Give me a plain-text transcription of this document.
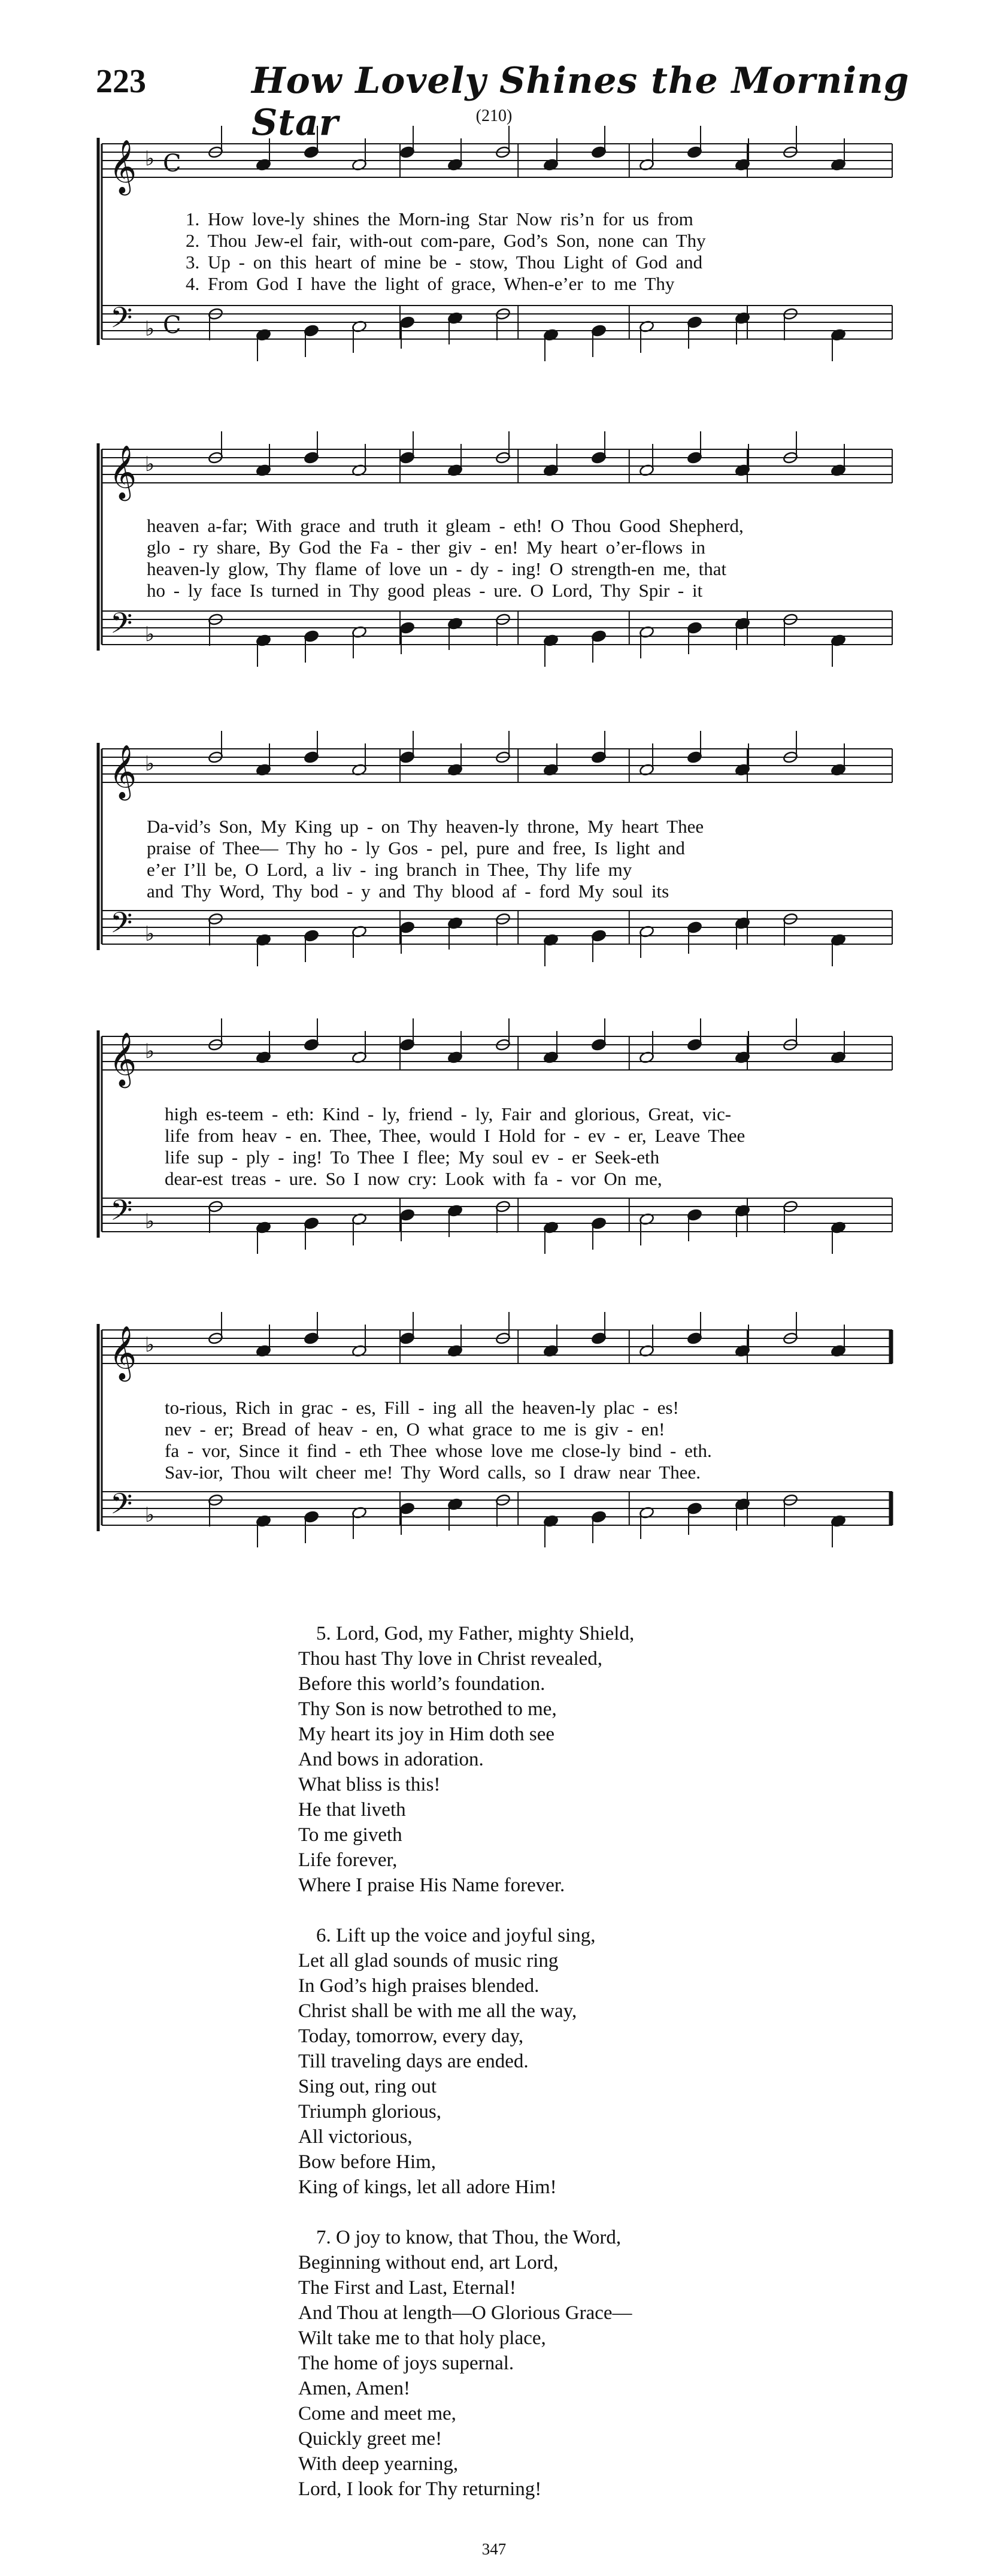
223	How Lovely Shines the Morning Star	(210)
𝄞
𝄢
♭
♭
C
C
1. How love-ly shines the Morn-ing Star Now ris’n for us from
2. Thou Jew-el fair, with-out com-pare, God’s Son, none can Thy
3. Up - on this heart of mine be - stow, Thou Light of God and
4. From God I have the light of grace, When-e’er to me Thy
𝄞
𝄢
♭
♭
heaven a-far; With grace and truth it gleam - eth! O Thou Good Shepherd,
glo - ry share, By God the Fa - ther giv - en! My heart o’er-flows in
heaven-ly glow, Thy flame of love un - dy - ing! O strength-en me, that
ho - ly face Is turned in Thy good pleas - ure. O Lord, Thy Spir - it
𝄞
𝄢
♭
♭
Da-vid’s Son, My King up - on Thy heaven-ly throne, My heart Thee
praise of Thee— Thy ho - ly Gos - pel, pure and free, Is light and
e’er I’ll be, O Lord, a liv - ing branch in Thee, Thy life my
and Thy Word, Thy bod - y and Thy blood af - ford My soul its
𝄞
𝄢
♭
♭
high es-teem - eth: Kind - ly, friend - ly, Fair and glorious, Great, vic-
life from heav - en. Thee, Thee, would I Hold for - ev - er, Leave Thee
life sup - ply - ing! To Thee I flee; My soul ev - er Seek-eth
dear-est treas - ure. So I now cry: Look with fa - vor On me,
𝄞
𝄢
♭
♭
to-rious, Rich in grac - es, Fill - ing all the heaven-ly plac - es!
nev - er; Bread of heav - en, O what grace to me is giv - en!
fa - vor, Since it find - eth Thee whose love me close-ly bind - eth.
Sav-ior, Thou wilt cheer me! Thy Word calls, so I draw near Thee.
5. Lord, God, my Father, mighty Shield,
Thou hast Thy love in Christ revealed,
Before this world’s foundation.
Thy Son is now betrothed to me,
My heart its joy in Him doth see
And bows in adoration.
What bliss is this!
He that liveth
To me giveth
Life forever,
Where I praise His Name forever.
6. Lift up the voice and joyful sing,
Let all glad sounds of music ring
In God’s high praises blended.
Christ shall be with me all the way,
Today, tomorrow, every day,
Till traveling days are ended.
Sing out, ring out
Triumph glorious,
All victorious,
Bow before Him,
King of kings, let all adore Him!
7. O joy to know, that Thou, the Word,
Beginning without end, art Lord,
The First and Last, Eternal!
And Thou at length—O Glorious Grace—
Wilt take me to that holy place,
The home of joys supernal.
Amen, Amen!
Come and meet me,
Quickly greet me!
With deep yearning,
Lord, I look for Thy returning!
347
